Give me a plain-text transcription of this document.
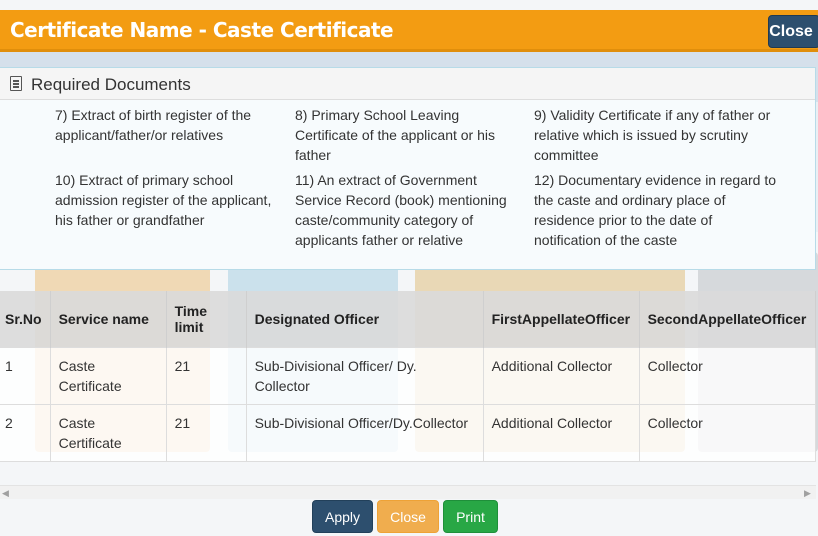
Certificate Name - Caste Certificate	Close
Required Documents
7) Extract of birth register of the applicant/father/or relatives
8) Primary School Leaving Certificate of the applicant or his father
9) Validity Certificate if any of father or relative which is issued by scrutiny committee
10) Extract of primary school admission register of the applicant, his father or grandfather
11) An extract of Government Service Record (book) mentioning caste/community category of applicants father or relative
12) Documentary evidence in regard to the caste and ordinary place of residence prior to the date of notification of the caste
Sr.No	Service name	Time limit	Designated Officer	FirstAppellateOfficer	SecondAppellateOfficer
1	Caste Certificate	21	Sub-Divisional Officer/ Dy. Collector	Additional Collector	Collector
2	Caste Certificate	21	Sub-Divisional Officer/Dy.Collector	Additional Collector	Collector
◀	▶
Apply	Close	Print
